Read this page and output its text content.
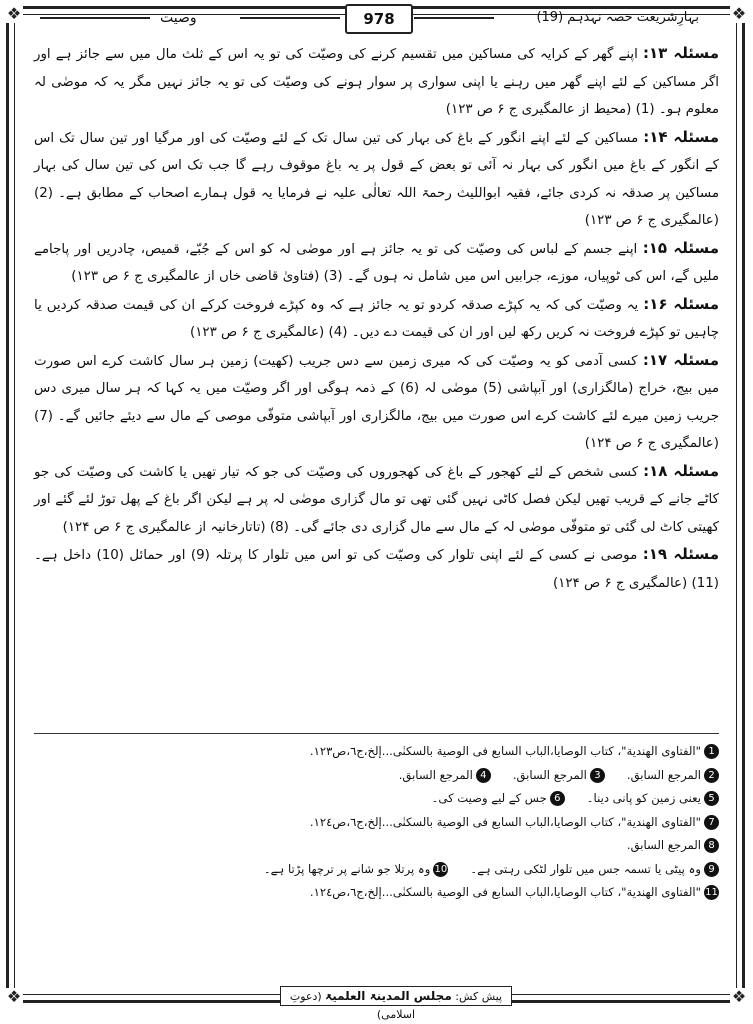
❖	❖
❖	❖
وصیت	978	بہارِشریعت حصہ نہدہم (19)

مسئلہ ۱۳: اپنے گھر کے کرایہ کی مساکین میں تقسیم کرنے کی وصیّت کی تو یہ اس کے ثلث مال میں سے جائز ہے اور اگر مساکین کے لئے اپنے گھر میں رہنے یا اپنی سواری پر سوار ہونے کی وصیّت کی تو یہ جائز نہیں مگر یہ کہ موصٰی لہ معلوم ہو۔ (1) (محیط از عالمگیری ج ۶ ص ۱۲۳)

مسئلہ ۱۴: مساکین کے لئے اپنے انگور کے باغ کی بہار کی تین سال تک کے لئے وصیّت کی اور مرگیا اور تین سال تک اس کے انگور کے باغ میں انگور کی بہار نہ آئی تو بعض کے قول پر یہ باغ موقوف رہے گا جب تک اس کی تین سال کی بہار مساکین پر صدقہ نہ کردی جائے، فقیہ ابواللیث رحمۃ اللہ تعالٰی علیہ نے فرمایا یہ قول ہمارے اصحاب کے مطابق ہے۔ (2) (عالمگیری ج ۶ ص ۱۲۳)

مسئلہ ۱۵: اپنے جسم کے لباس کی وصیّت کی تو یہ جائز ہے اور موصٰی لہ کو اس کے جُبّے، قمیص، چادریں اور پاجامے ملیں گے، اس کی ٹوپیاں، موزے، جرابیں اس میں شامل نہ ہوں گے۔ (3) (فتاویٰ قاضی خاں از عالمگیری ج ۶ ص ۱۲۳)

مسئلہ ۱۶: یہ وصیّت کی کہ یہ کپڑے صدقہ کردو تو یہ جائز ہے کہ وہ کپڑے فروخت کرکے ان کی قیمت صدقہ کردیں یا چاہیں تو کپڑے فروخت نہ کریں رکھ لیں اور ان کی قیمت دے دیں۔ (4) (عالمگیری ج ۶ ص ۱۲۳)

مسئلہ ۱۷: کسی آدمی کو یہ وصیّت کی کہ میری زمین سے دس جریب (کھیت) زمین ہر سال کاشت کرے اس صورت میں بیج، خراج (مالگزاری) اور آبپاشی (5) موصٰی لہ (6) کے ذمہ ہوگی اور اگر وصیّت میں یہ کہا کہ ہر سال میری دس جریب زمین میرے لئے کاشت کرے اس صورت میں بیج، مالگزاری اور آبپاشی متوفّی موصی کے مال سے دیئے جائیں گے۔ (7) (عالمگیری ج ۶ ص ۱۲۴)

مسئلہ ۱۸: کسی شخص کے لئے کھجور کے باغ کی کھجوروں کی وصیّت کی جو کہ تیار تھیں یا کاشت کی وصیّت کی جو کاٹے جانے کے قریب تھیں لیکن فصل کاٹی نہیں گئی تھی تو مال گزاری موصٰی لہ پر ہے لیکن اگر باغ کے پھل توڑ لئے گئے اور کھیتی کاٹ لی گئی تو متوفّی موصٰی لہ کے مال سے مال گزاری دی جائے گی۔ (8) (تاتارخانیہ از عالمگیری ج ۶ ص ۱۲۴)

مسئلہ ۱۹: موصی نے کسی کے لئے اپنی تلوار کی وصیّت کی تو اس میں تلوار کا پرتلہ (9) اور حمائل (10) داخل ہے۔ (11) (عالمگیری ج ۶ ص ۱۲۴)

1
"الفتاوی الهندیة"، کتاب الوصایا،الباب السابع فی الوصیة بالسکنٰی...إلخ،ج٦،ص١٢٣.
2
المرجع السابق.
3
المرجع السابق.
4
المرجع السابق.
5
یعنی زمین کو پانی دینا۔
6
جس کے لیے وصیت کی۔
7
"الفتاوی الهندیة"، کتاب الوصایا،الباب السابع فی الوصیة بالسکنٰی...إلخ،ج٦،ص١٢٤.
8
المرجع السابق.
9
وہ پیٹی یا تسمہ جس میں تلوار لٹکی رہتی ہے۔
10
وہ پرتلا جو شانے پر ترچھا پڑتا ہے۔
11
"الفتاوی الهندیة"، کتاب الوصایا،الباب السابع فی الوصیة بالسکنٰی...إلخ،ج٦،ص١٢٤.
پیش کش: مجلس المدینۃ العلمیۃ (دعوتِ اسلامی)
